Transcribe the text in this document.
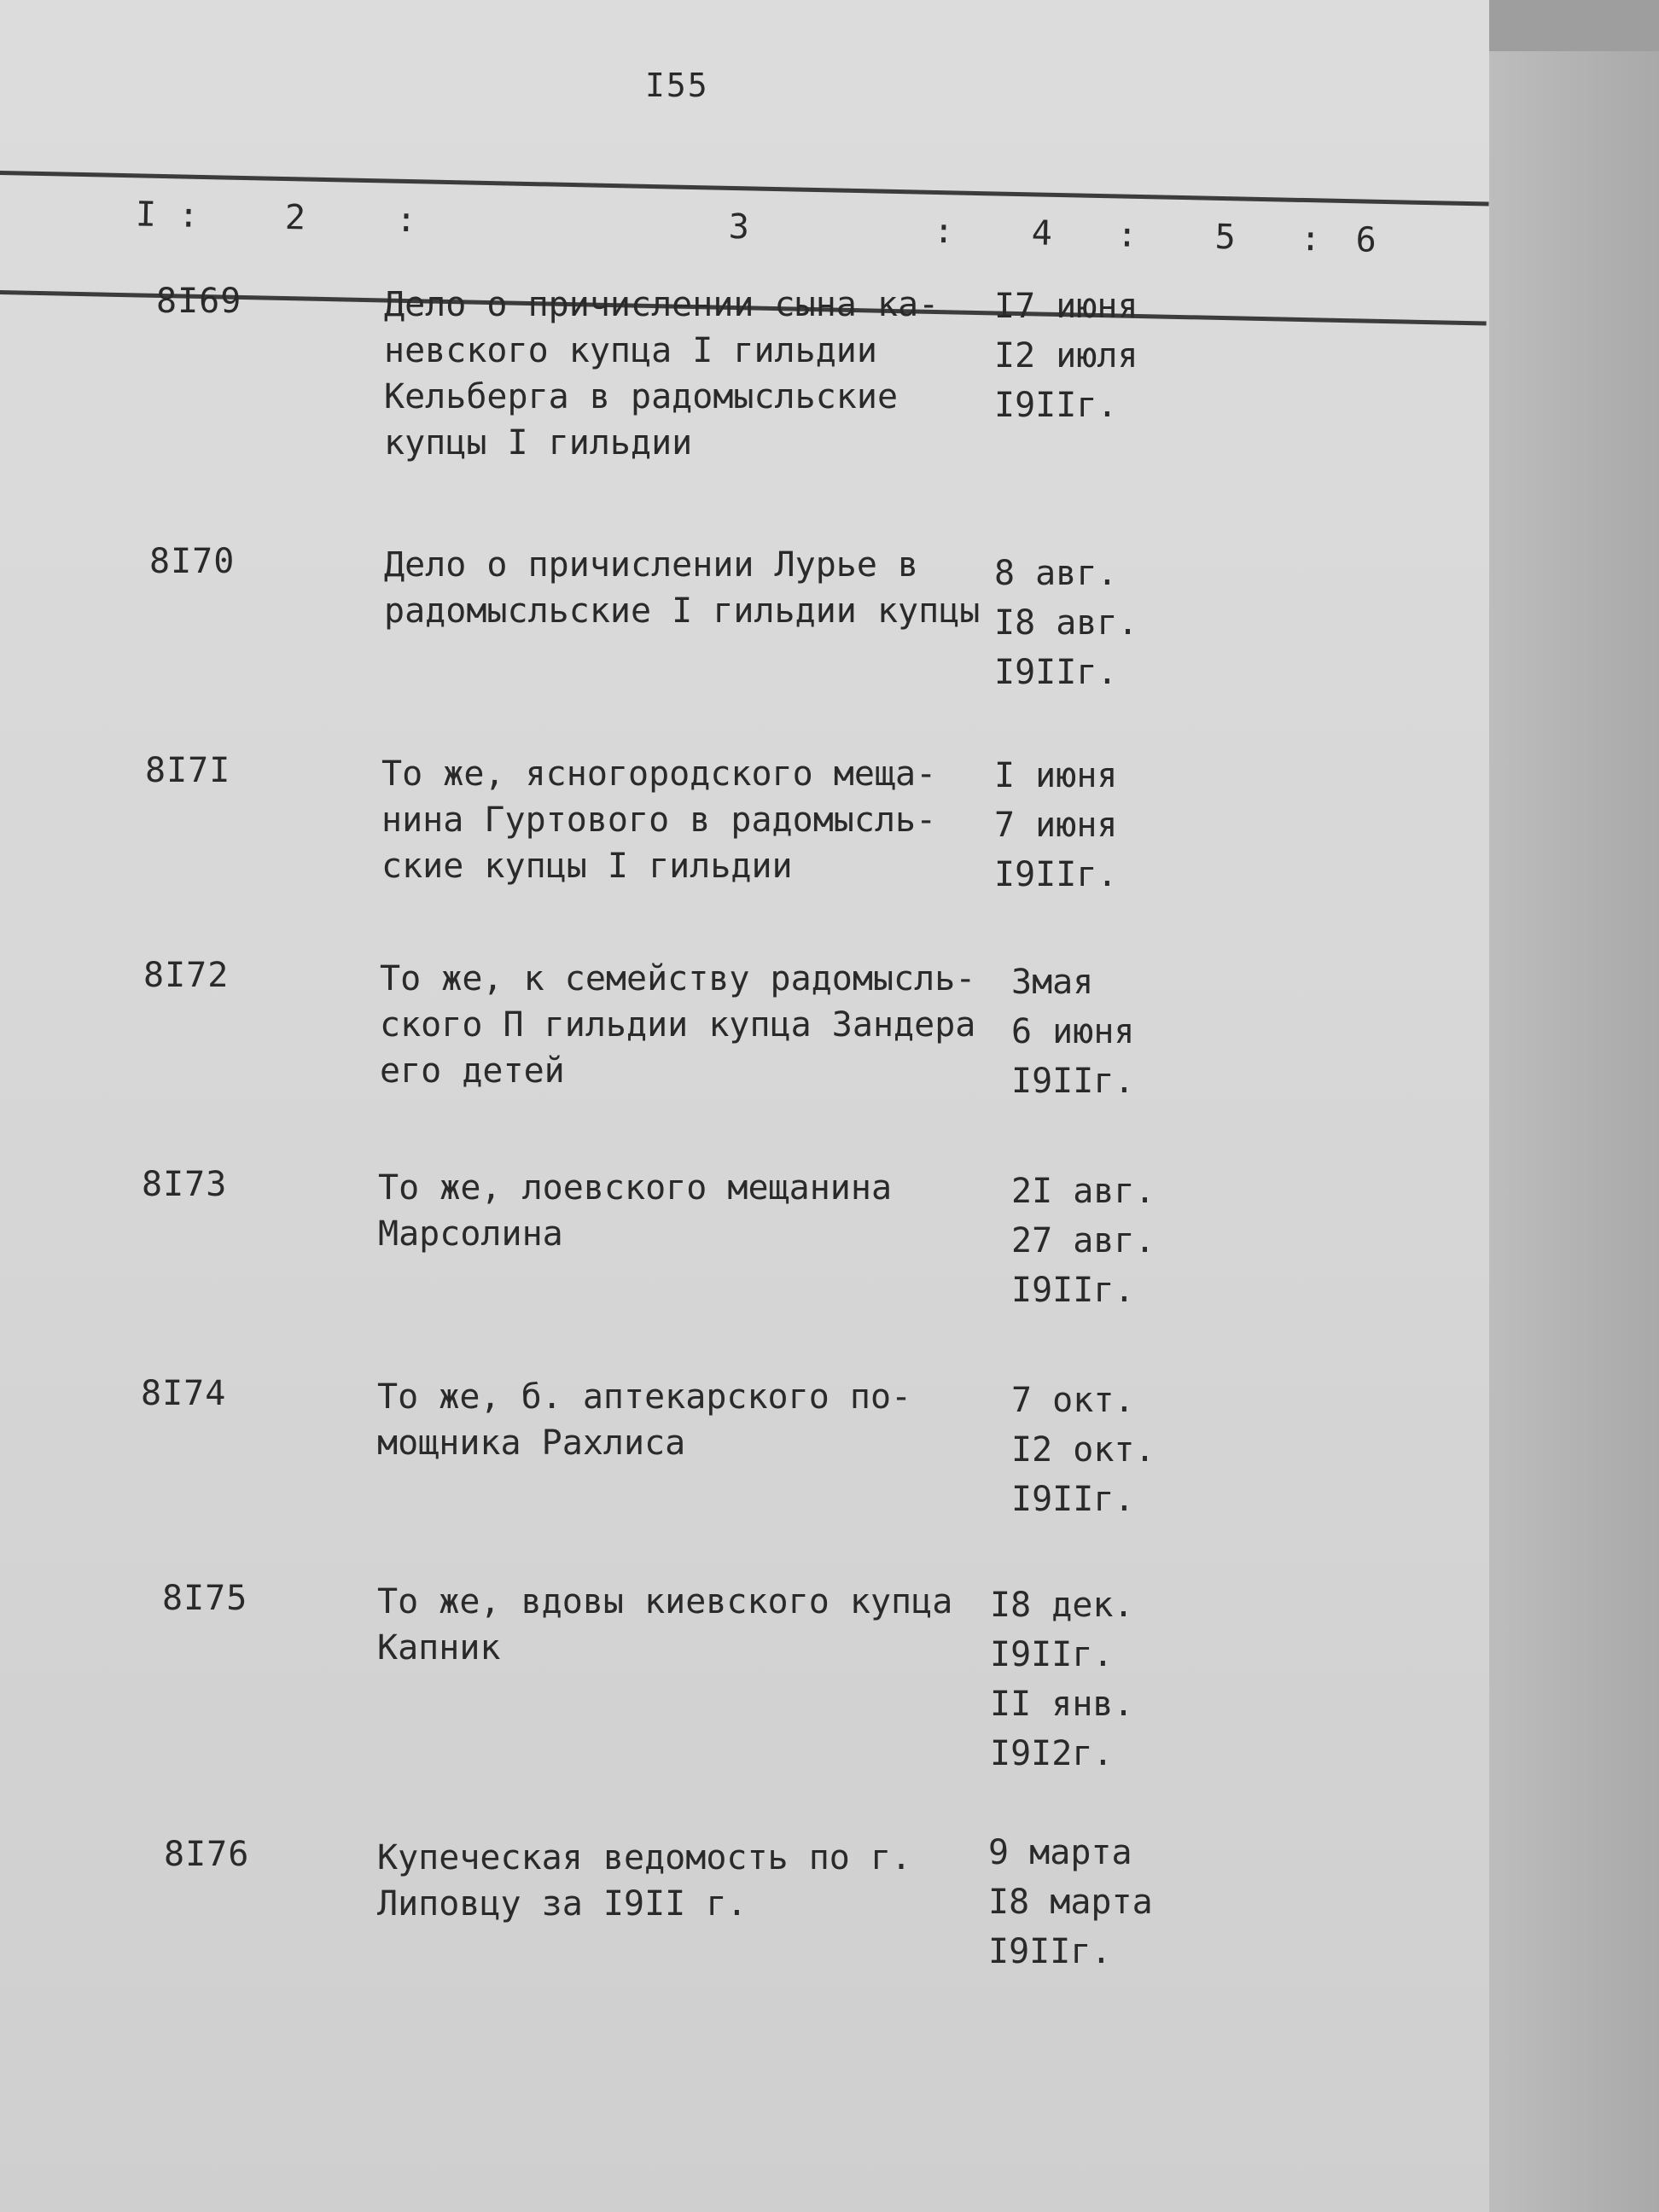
I55
I : 2	:	3	: 4 : 5 : 6
8I69	Дело о причислении сына ка-
невского купца I гильдии
Кельберга в радомысльские
купцы I гильдии
I7 июня
I2 июля
I9IIг.
8I70	Дело о причислении Лурье в
радомысльские I гильдии купцы
8 авг.
I8 авг.
I9IIг.
8I7I	То же, ясногородского меща-
нина Гуртового в радомысль-
ские купцы I гильдии
I июня
7 июня
I9IIг.
8I72	То же, к семейству радомысль-
ского П гильдии купца Зандера
его детей
3мая
6 июня
I9IIг.
8I73	То же, лоевского мещанина
Марсолина
2I авг.
27 авг.
I9IIг.
8I74	То же, б. аптекарского по-
мощника Рахлиса
7 окт.
I2 окт.
I9IIг.
8I75	То же, вдовы киевского купца
Капник
I8 дек.
I9IIг.
II янв.
I9I2г.
8I76	Купеческая ведомость по г.
Липовцу за I9II г.
9 марта
I8 марта
I9IIг.
